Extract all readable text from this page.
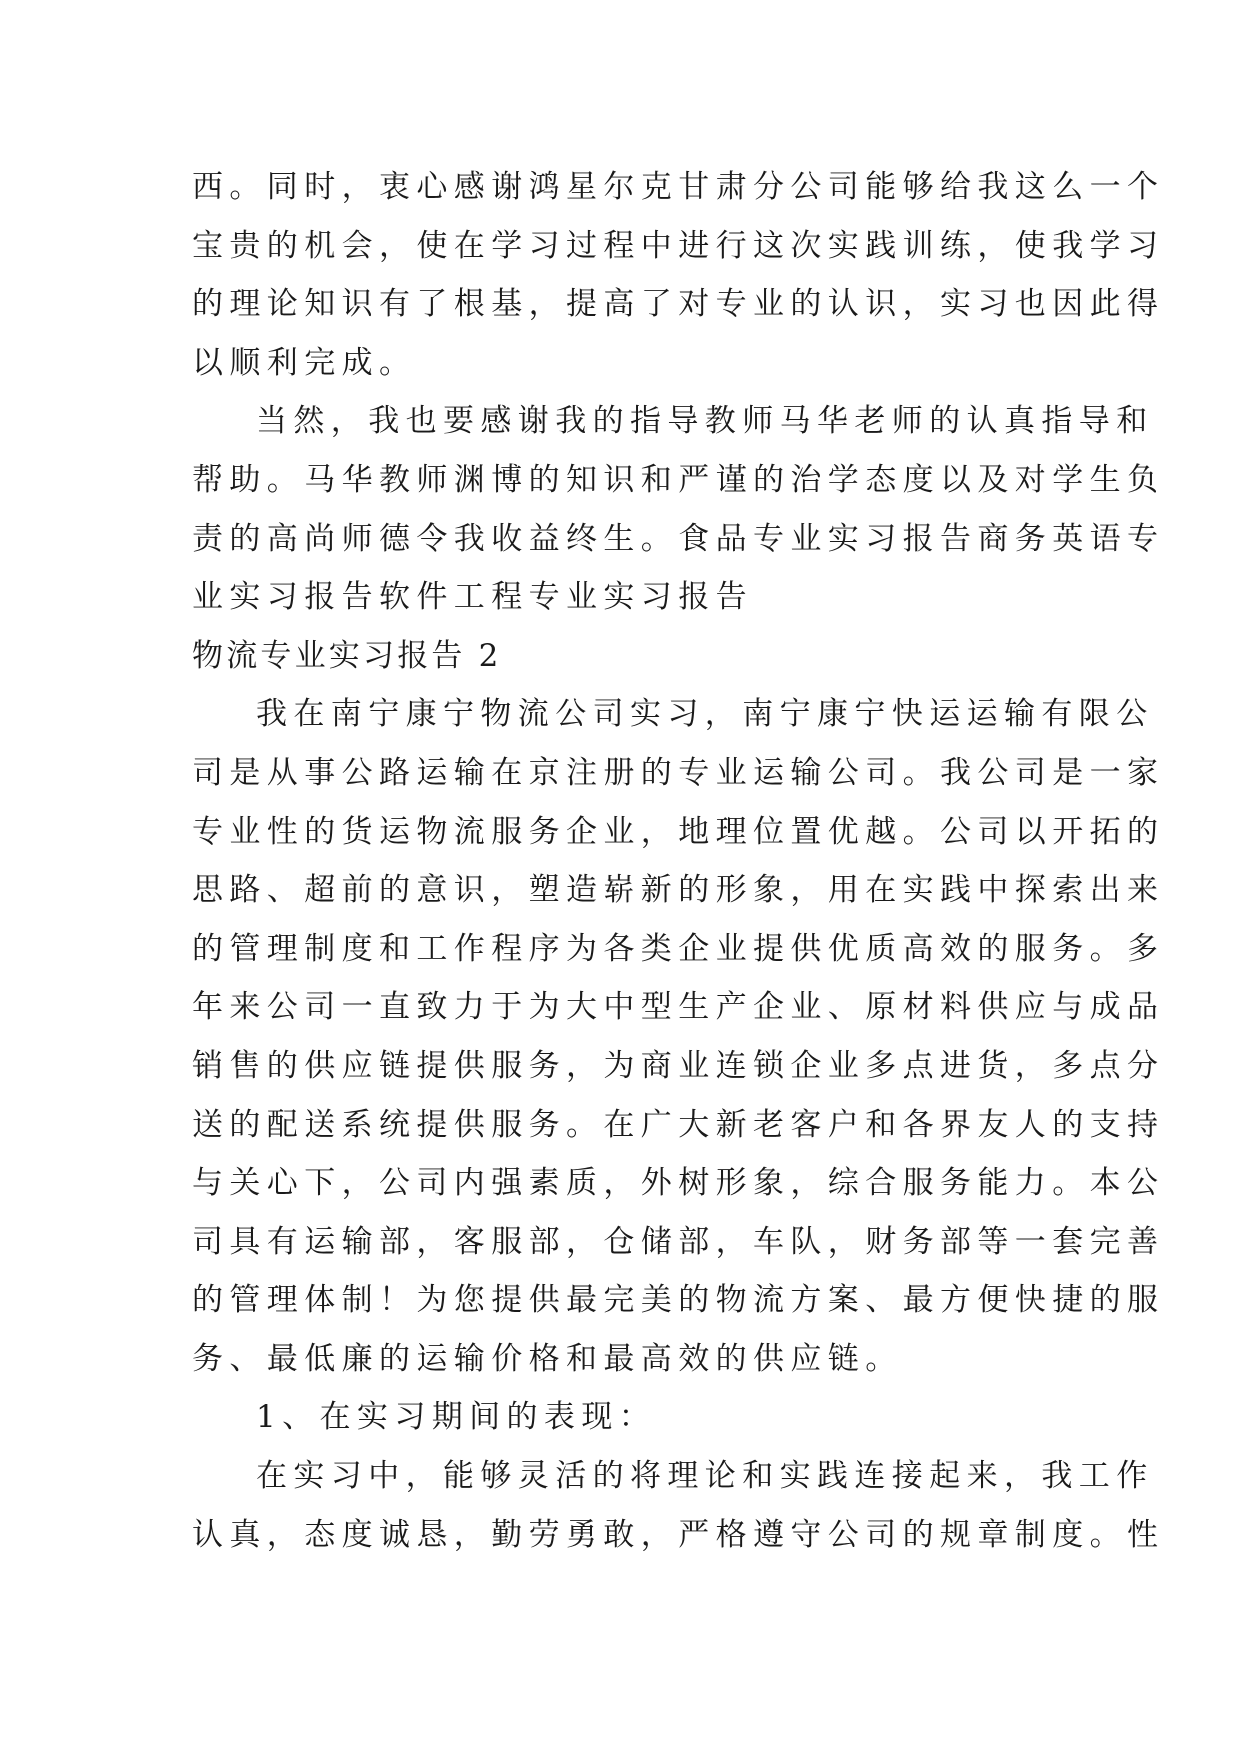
西。同时，衷心感谢鸿星尔克甘肃分公司能够给我这么一个
宝贵的机会，使在学习过程中进行这次实践训练，使我学习
的理论知识有了根基，提高了对专业的认识，实习也因此得
以顺利完成。
当然，我也要感谢我的指导教师马华老师的认真指导和
帮助。马华教师渊博的知识和严谨的治学态度以及对学生负
责的高尚师德令我收益终生。食品专业实习报告商务英语专
业实习报告软件工程专业实习报告
物流专业实习报告 2
我在南宁康宁物流公司实习，南宁康宁快运运输有限公
司是从事公路运输在京注册的专业运输公司。我公司是一家
专业性的货运物流服务企业，地理位置优越。公司以开拓的
思路、超前的意识，塑造崭新的形象，用在实践中探索出来
的管理制度和工作程序为各类企业提供优质高效的服务。多
年来公司一直致力于为大中型生产企业、原材料供应与成品
销售的供应链提供服务，为商业连锁企业多点进货，多点分
送的配送系统提供服务。在广大新老客户和各界友人的支持
与关心下，公司内强素质，外树形象，综合服务能力。本公
司具有运输部，客服部，仓储部，车队，财务部等一套完善
的管理体制！为您提供最完美的物流方案、最方便快捷的服
务、最低廉的运输价格和最高效的供应链。
1、在实习期间的表现：
在实习中，能够灵活的将理论和实践连接起来，我工作
认真，态度诚恳，勤劳勇敢，严格遵守公司的规章制度。性
